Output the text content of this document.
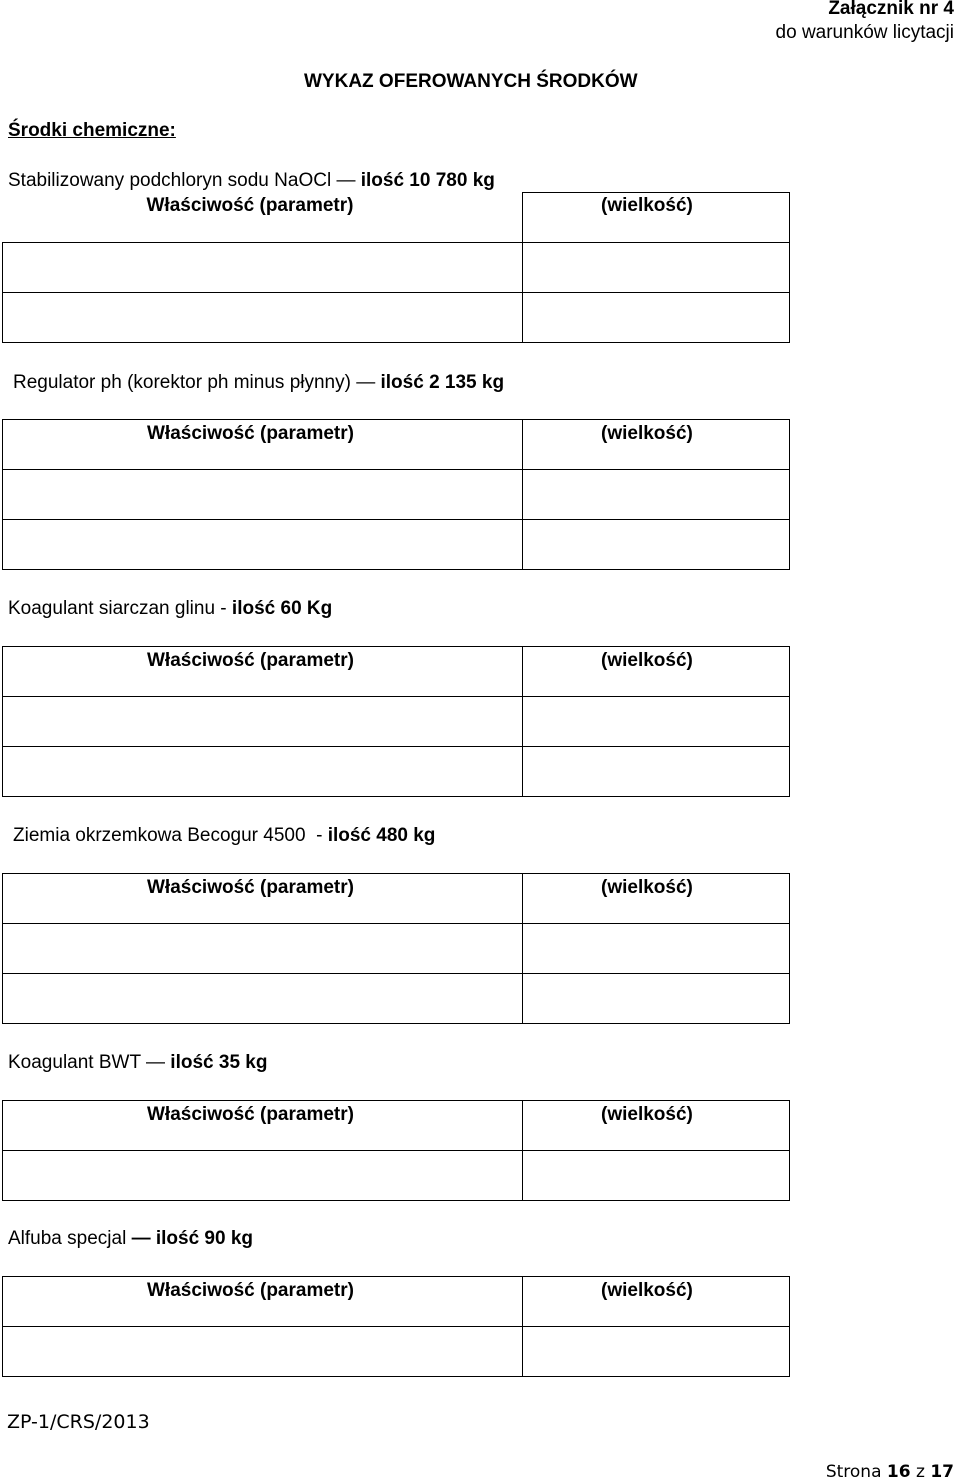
Załącznik nr 4
do warunków licytacji
WYKAZ OFEROWANYCH ŚRODKÓW
Środki chemiczne:
Stabilizowany podchloryn sodu NaOCl — ilość 10 780 kg
Właściwość (parametr)	(wielkość)

Regulator ph (korektor ph minus płynny) — ilość 2 135 kg
Właściwość (parametr)	(wielkość)

Koagulant siarczan glinu - ilość 60 Kg
Właściwość (parametr)	(wielkość)

Ziemia okrzemkowa Becogur 4500  - ilość 480 kg
Właściwość (parametr)	(wielkość)

Koagulant BWT — ilość 35 kg
Właściwość (parametr)	(wielkość)

Alfuba specjal — ilość 90 kg
Właściwość (parametr)	(wielkość)

ZP-1/CRS/2013
Strona 16 z 17
